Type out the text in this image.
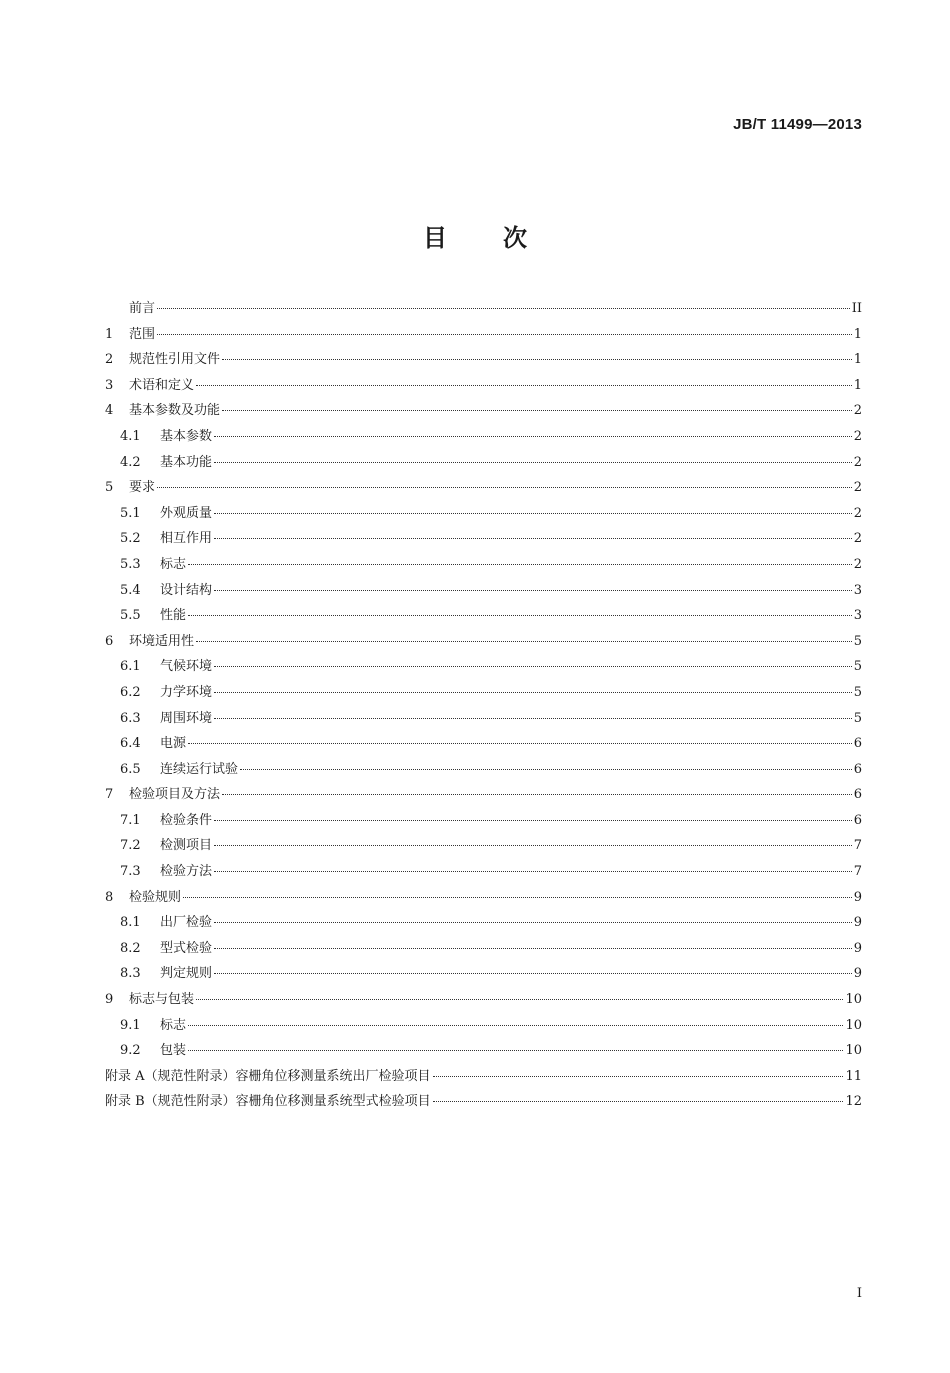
JB/T 11499—2013
目次
前言	II
1	范围	1
2	规范性引用文件	1
3	术语和定义	1
4	基本参数及功能	2
4.1	基本参数	2
4.2	基本功能	2
5	要求	2
5.1	外观质量	2
5.2	相互作用	2
5.3	标志	2
5.4	设计结构	3
5.5	性能	3
6	环境适用性	5
6.1	气候环境	5
6.2	力学环境	5
6.3	周围环境	5
6.4	电源	6
6.5	连续运行试验	6
7	检验项目及方法	6
7.1	检验条件	6
7.2	检测项目	7
7.3	检验方法	7
8	检验规则	9
8.1	出厂检验	9
8.2	型式检验	9
8.3	判定规则	9
9	标志与包装	10
9.1	标志	10
9.2	包装	10
附录 A（规范性附录）容栅角位移测量系统出厂检验项目	11
附录 B（规范性附录）容栅角位移测量系统型式检验项目	12
I
